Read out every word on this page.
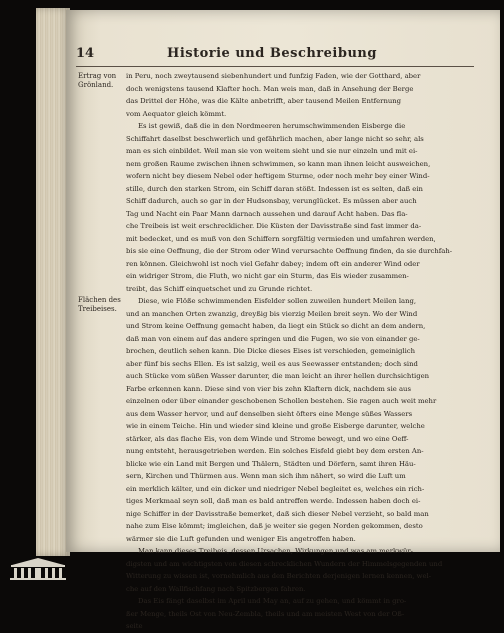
14	Historie und Beschreibung
Ertrag von
Grönland.
Flächen des
Treibeises.
in Peru, noch zweytausend siebenhundert und funfzig Faden, wie der Gotthard, aber
doch wenigstens tausend Klafter hoch. Man weis man, daß in Ansehung der Berge
das Drittel der Höhe, was die Kälte anbetrifft, aber tausend Meilen Entfernung
vom Aequator gleich kömmt.
Es ist gewiß, daß die in den Nordmeeren herumschwimmenden Eisberge die
Schiffahrt daselbst beschwerlich und gefährlich machen, aber lange nicht so sehr, als
man es sich einbildet. Weil man sie von weitem sieht und sie nur einzeln und mit ei-
nem großen Raume zwischen ihnen schwimmen, so kann man ihnen leicht ausweichen,
wofern nicht bey diesem Nebel oder heftigem Sturme, oder noch mehr bey einer Wind-
stille, durch den starken Strom, ein Schiff daran stößt. Indessen ist es selten, daß ein
Schiff dadurch, auch so gar in der Hudsonsbay, verunglücket. Es müssen aber auch
Tag und Nacht ein Paar Mann darnach aussehen und darauf Acht haben. Das fla-
che Treibeis ist weit erschrecklicher. Die Küsten der Davisstraße sind fast immer da-
mit bedecket, und es muß von den Schiffern sorgfältig vermieden und umfahren werden,
bis sie eine Oeffnung, die der Strom oder Wind verursachte Oeffnung finden, da sie durchfah-
ren können. Gleichwohl ist noch viel Gefahr dabey; indem oft ein anderer Wind oder
ein widriger Strom, die Fluth, wo nicht gar ein Sturm, das Eis wieder zusammen-
treibt, das Schiff einquetschet und zu Grunde richtet.
Diese, wie Flöße schwimmenden Eisfelder sollen zuweilen hundert Meilen lang,
und an manchen Orten zwanzig, dreyßig bis vierzig Meilen breit seyn. Wo der Wind
und Strom keine Oeffnung gemacht haben, da liegt ein Stück so dicht an dem andern,
daß man von einem auf das andere springen und die Fugen, wo sie von einander ge-
brochen, deutlich sehen kann. Die Dicke dieses Eises ist verschieden, gemeiniglich
aber fünf bis sechs Ellen. Es ist salzig, weil es aus Seewasser entstanden; doch sind
auch Stücke vom süßen Wasser darunter, die man leicht an ihrer hellen durchsichtigen
Farbe erkennen kann. Diese sind von vier bis zehn Klaftern dick, nachdem sie aus
einzelnen oder über einander geschobenen Schollen bestehen. Sie ragen auch weit mehr
aus dem Wasser hervor, und auf denselben sieht öfters eine Menge süßes Wassers
wie in einem Teiche. Hin und wieder sind kleine und große Eisberge darunter, welche
stärker, als das flache Eis, von dem Winde und Strome bewegt, und wo eine Oeff-
nung entsteht, herausgetrieben werden. Ein solches Eisfeld giebt bey dem ersten An-
blicke wie ein Land mit Bergen und Thälern, Städten und Dörfern, samt ihren Häu-
sern, Kirchen und Thürmen aus. Wenn man sich ihm nähert, so wird die Luft um
ein merklich kälter, und ein dicker und niedriger Nebel begleitet es, welches ein rich-
tiges Merkmaal seyn soll, daß man es bald antreffen werde. Indessen haben doch ei-
nige Schiffer in der Davisstraße bemerket, daß sich dieser Nebel verzieht, so bald man
nahe zum Eise kömmt; imgleichen, daß je weiter sie gegen Norden gekommen, desto
wärmer sie die Luft gefunden und weniger Eis angetroffen haben.
Man kann dieses Treibeis, dessen Ursachen, Wirkungen und was am merkwür-
digsten und am wichtigsten von diesen schrecklichen Wundern der Himmelsgegenden und
Witterung zu wissen ist, vornehmlich aus den Berichten derjenigen lernen kennen, wel-
che auf den Wallfischfang nach Spitzbergen fahren.
Das Eis fängt daselbst im April und May an, auf zu gehen, und kömmt in gro-
ßer Menge, theils Ost von Neu-Zembla, theils und am meisten West von der Oß-
seite
